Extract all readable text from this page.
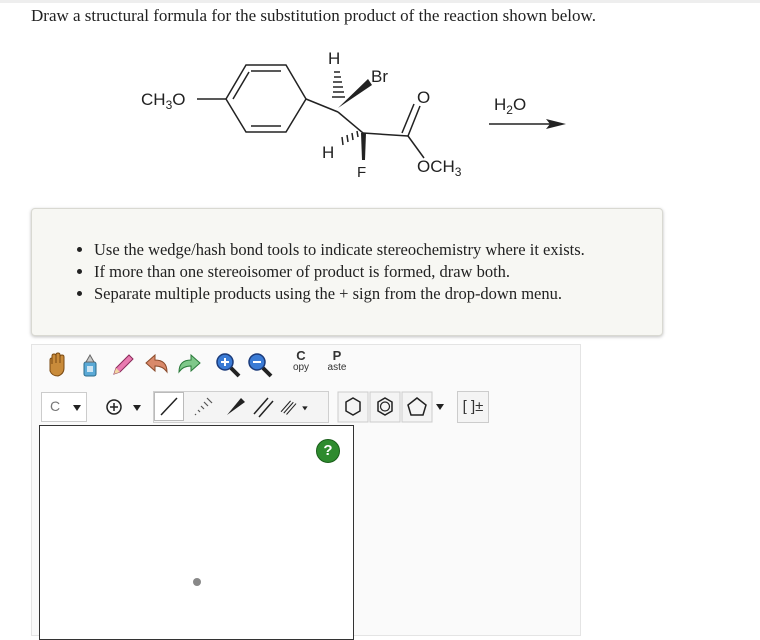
Draw a structural formula for the substitution product of the reaction shown below.
$CH_3O$
H
Br
H
F
O
$OCH_3$
$H_2O$
• Use the wedge/hash bond tools to indicate stereochemistry where it exists.
• If more than one stereoisomer of product is formed, draw both.
• Separate multiple products using the + sign from the drop-down menu.
C
opy
P
aste
C	[ ]±
?
